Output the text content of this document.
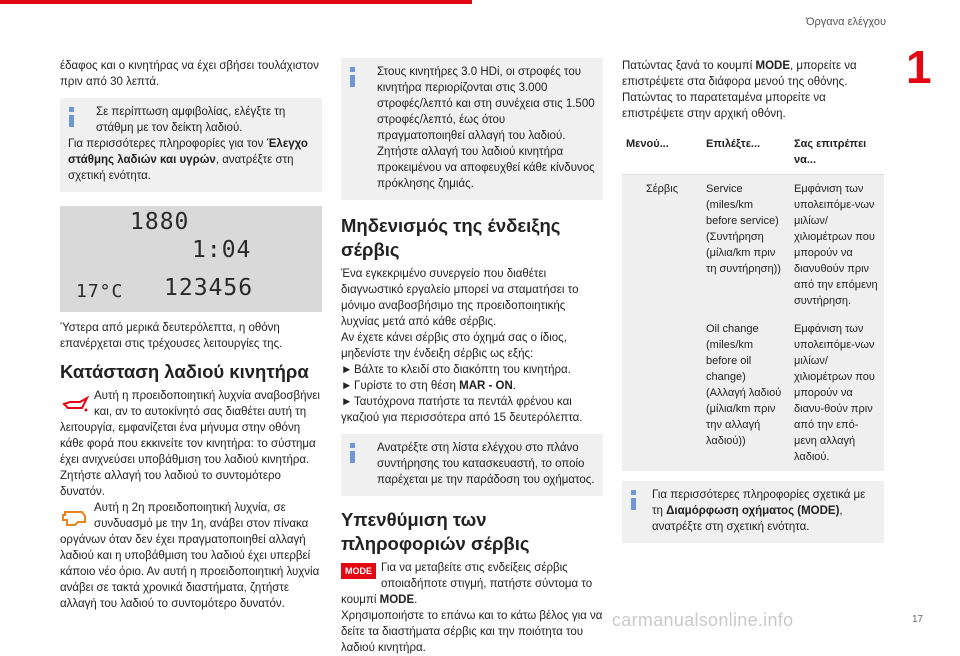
Όργανα ελέγχου
1

έδαφος και ο κινητήρας να έχει σβήσει τουλάχιστον πριν από 30 λεπτά.

Σε περίπτωση αμφιβολίας, ελέγξτε τη στάθμη με τον δείκτη λαδιού.

Για περισσότερες πληροφορίες για τον Έλεγχο στάθμης λαδιών και υγρών, ανατρέξτε στη σχετική ενότητα.

1880
1:04
17°C 123456

Ύστερα από μερικά δευτερόλεπτα, η οθόνη επανέρχεται στις τρέχουσες λειτουργίες της.

Κατάσταση λαδιού κινητήρα

Αυτή η προειδοποιητική λυχνία αναβοσβήνει και, αν το αυτοκίνητό σας διαθέτει αυτή τη λειτουργία, εμφανίζεται ένα μήνυμα στην οθόνη κάθε φορά που εκκινείτε τον κινητήρα: το σύστημα έχει ανιχνεύσει υποβάθμιση του λαδιού κινητήρα. Ζητήστε αλλαγή του λαδιού το συντομότερο δυνατόν.

Αυτή η 2η προειδοποιητική λυχνία, σε συνδυασμό με την 1η, ανάβει στον πίνακα οργάνων όταν δεν έχει πραγματοποιηθεί αλλαγή λαδιού και η υποβάθμιση του λαδιού έχει υπερβεί κάποιο νέο όριο. Αν αυτή η προειδοποιητική λυχνία ανάβει σε τακτά χρονικά διαστήματα, ζητήστε αλλαγή του λαδιού το συντομότερο δυνατόν.

Στους κινητήρες 3.0 HDi, οι στροφές του κινητήρα περιορίζονται στις 3.000 στροφές/λεπτό και στη συνέχεια στις 1.500 στροφές/λεπτό, έως ότου πραγματοποιηθεί αλλαγή του λαδιού. Ζητήστε αλλαγή του λαδιού κινητήρα προκειμένου να αποφευχθεί κάθε κίνδυνος πρόκλησης ζημιάς.

Μηδενισμός της ένδειξης σέρβις

Ένα εγκεκριμένο συνεργείο που διαθέτει διαγνωστικό εργαλείο μπορεί να σταματήσει το μόνιμο αναβοσβήσιμο της προειδοποιητικής λυχνίας μετά από κάθε σέρβις.

Αν έχετε κάνει σέρβις στο όχημά σας ο ίδιος, μηδενίστε την ένδειξη σέρβις ως εξής:

► Βάλτε το κλειδί στο διακόπτη του κινητήρα.

► Γυρίστε το στη θέση MAR - ON.

► Ταυτόχρονα πατήστε τα πεντάλ φρένου και γκαζιού για περισσότερα από 15 δευτερόλεπτα.

Ανατρέξτε στη λίστα ελέγχου στο πλάνο συντήρησης του κατασκευαστή, το οποίο παρέχεται με την παράδοση του οχήματος.

Υπενθύμιση των πληροφοριών σέρβις
MODE Για να μεταβείτε στις ενδείξεις σέρβις οποιαδήποτε στιγμή, πατήστε σύντομα το κουμπί MODE.

Χρησιμοποιήστε το επάνω και το κάτω βέλος για να δείτε τα διαστήματα σέρβις και την ποιότητα του λαδιού κινητήρα.

Πατώντας ξανά το κουμπί MODE, μπορείτε να επιστρέψετε στα διάφορα μενού της οθόνης.

Πατώντας το παρατεταμένα μπορείτε να επιστρέψετε στην αρχική οθόνη.

Μενού...	Επιλέξτε...	Σας επιτρέπει να...
Σέρβις	Service (miles/km before service) (Συντήρηση (μίλια/km πριν τη συντήρηση))	Εμφάνιση των υπολειπόμε-νων μιλίων/χιλιομέτρων που μπορούν να διανυθούν πριν από την επόμενη συντήρηση.
	Oil change (miles/km before oil change) (Αλλαγή λαδιού (μίλια/km πριν την αλλαγή λαδιού))	Εμφάνιση των υπολειπόμε-νων μιλίων/χιλιομέτρων που μπορούν να διανυ-θούν πριν από την επό-μενη αλλαγή λαδιού.

Για περισσότερες πληροφορίες σχετικά με τη Διαμόρφωση οχήματος (MODE), ανατρέξτε στη σχετική ενότητα.

carmanualsonline.info	17
